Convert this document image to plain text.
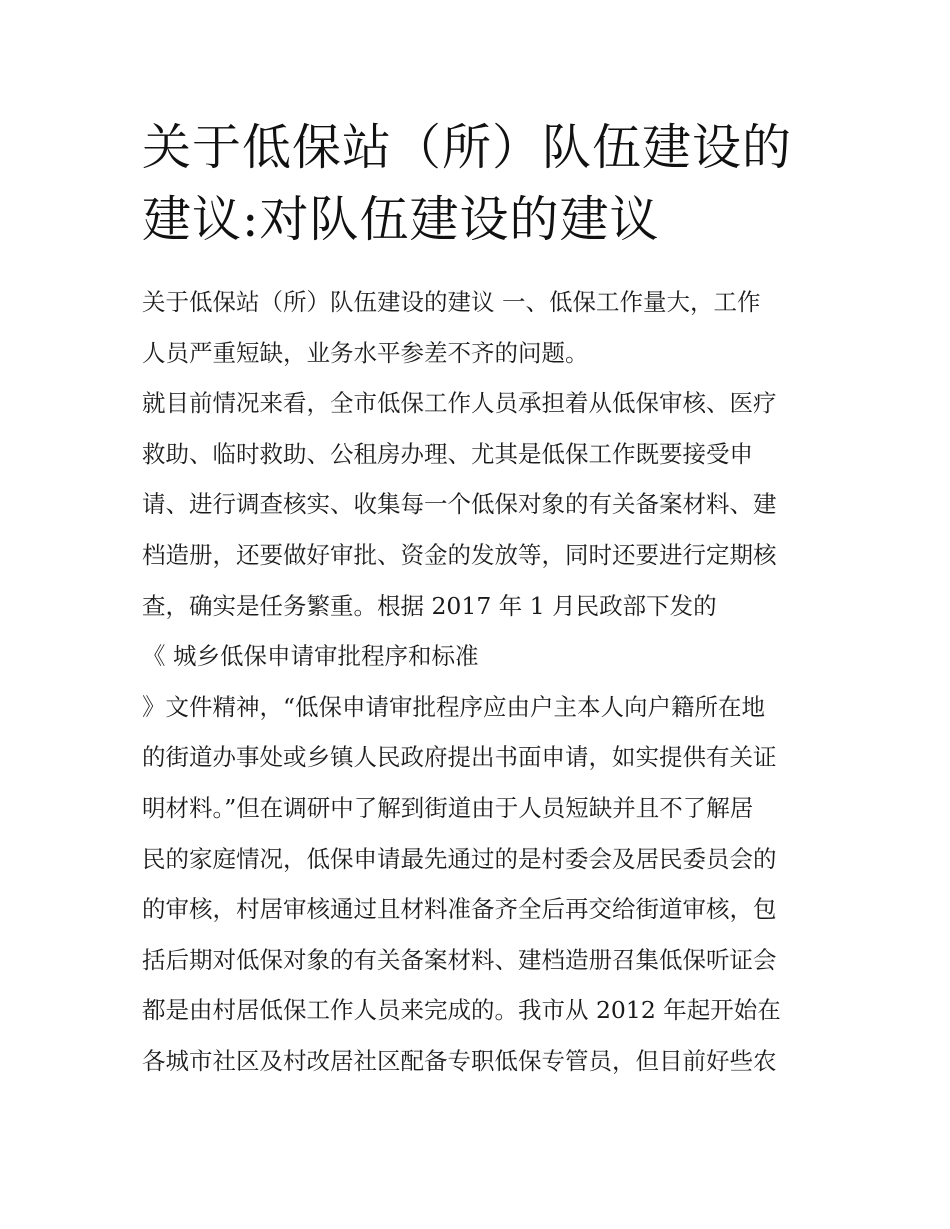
关于低保站（所）队伍建设的
建议:对队伍建设的建议
关于低保站（所）队伍建设的建议 一、低保工作量大，工作
人员严重短缺，业务水平参差不齐的问题。
就目前情况来看，全市低保工作人员承担着从低保审核、医疗
救助、临时救助、公租房办理、尤其是低保工作既要接受申
请、进行调查核实、收集每一个低保对象的有关备案材料、建
档造册，还要做好审批、资金的发放等，同时还要进行定期核
查，确实是任务繁重。根据 2017 年 1 月民政部下发的
《 城乡低保申请审批程序和标准
》文件精神，“低保申请审批程序应由户主本人向户籍所在地
的街道办事处或乡镇人民政府提出书面申请，如实提供有关证
明材料。”但在调研中了解到街道由于人员短缺并且不了解居
民的家庭情况，低保申请最先通过的是村委会及居民委员会的
的审核，村居审核通过且材料准备齐全后再交给街道审核，包
括后期对低保对象的有关备案材料、建档造册召集低保听证会
都是由村居低保工作人员来完成的。我市从 2012 年起开始在
各城市社区及村改居社区配备专职低保专管员，但目前好些农
